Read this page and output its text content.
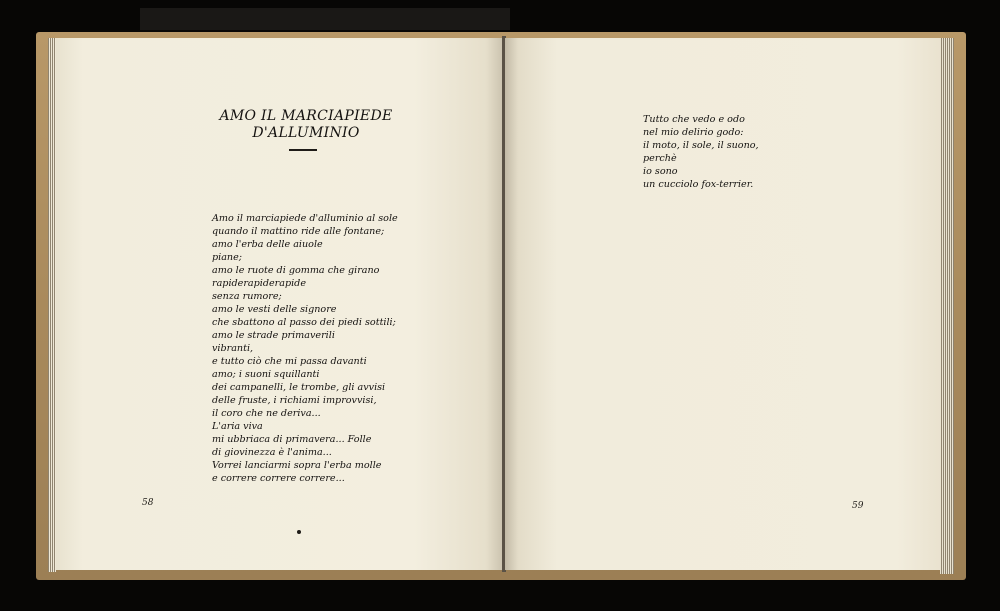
AMO IL MARCIAPIEDE
D'ALLUMINIO
Amo il marciapiede d'alluminio al sole
quando il mattino ride alle fontane;
amo l'erba delle aiuole
piane;
amo le ruote di gomma che girano
rapiderapiderapide
senza rumore;
amo le vesti delle signore
che sbattono al passo dei piedi sottili;
amo le strade primaverili
vibranti,
e tutto ciò che mi passa davanti
amo; i suoni squillanti
dei campanelli, le trombe, gli avvisi
delle fruste, i richiami improvvisi,
il coro che ne deriva...
L'aria viva
mi ubbriaca di primavera... Folle
di giovinezza è l'anima...
Vorrei lanciarmi sopra l'erba molle
e correre correre correre...
58
Tutto che vedo e odo
nel mio delirio godo:
il moto, il sole, il suono,
perchè
io sono
un cucciolo fox-terrier.
59
